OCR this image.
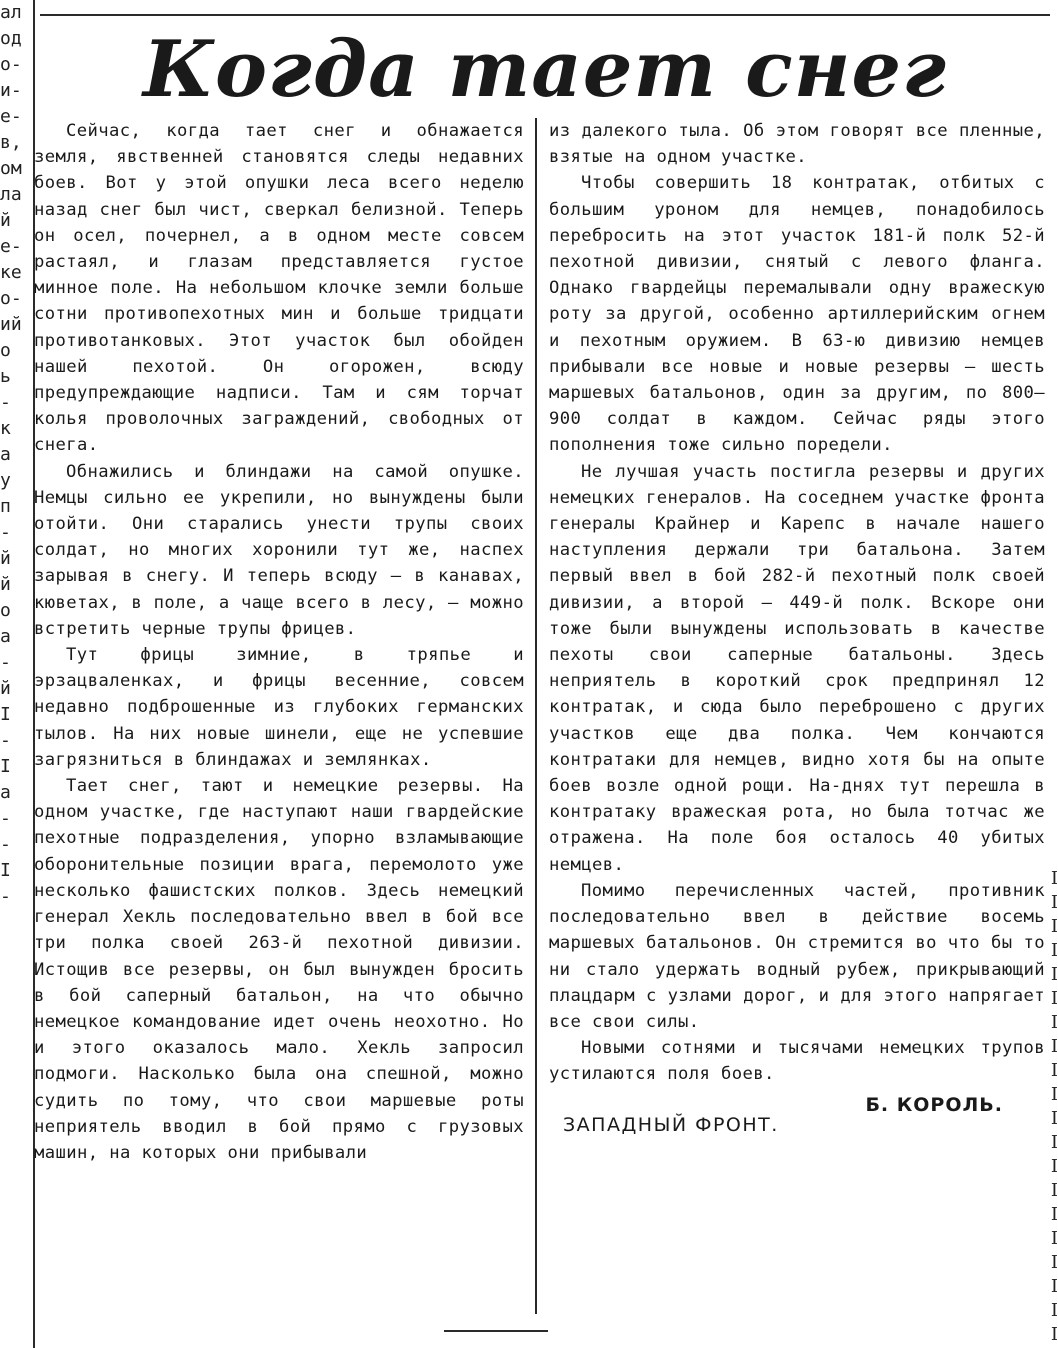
ал
од
о-
и-
е-
в,
ом
ла
й
е-
ке
о-
ий
о
ь
-
к
а
у
п
-
й
й
о
а
-
й
I
-
I
а
-
-
I
-
I
I
I
I
I
I
I
I
I
I
I
I
I
I
I
I
I
I
I
I
Когда тает снег

Сейчас, когда тает снег и обнажается земля, явственней становятся следы недавних боев. Вот у этой опушки леса всего неделю назад снег был чист, сверкал белизной. Теперь он осел, почернел, а в одном месте совсем растаял, и глазам представляется густое минное поле. На небольшом клочке земли больше сотни противопехотных мин и больше тридцати противотанковых. Этот участок был обойден нашей пехотой. Он огорожен, всюду предупреждающие надписи. Там и сям торчат колья проволочных заграждений, свободных от снега.

Обнажились и блиндажи на самой опушке. Немцы сильно ее укрепили, но вынуждены были отойти. Они старались унести трупы своих солдат, но многих хоронили тут же, наспех зарывая в снегу. И теперь всюду — в канавах, кюветах, в поле, а чаще всего в лесу, — можно встретить черные трупы фрицев.

Тут фрицы зимние, в тряпье и эрзацваленках, и фрицы весенние, совсем недавно подброшенные из глубоких германских тылов. На них новые шинели, еще не успевшие загрязниться в блиндажах и землянках.

Тает снег, тают и немецкие резервы. На одном участке, где наступают наши гвардейские пехотные подразделения, упорно взламывающие оборонительные позиции врага, перемолото уже несколько фашистских полков. Здесь немецкий генерал Хекль последовательно ввел в бой все три полка своей 263-й пехотной дивизии. Истощив все резервы, он был вынужден бросить в бой саперный батальон, на что обычно немецкое командование идет очень неохотно. Но и этого оказалось мало. Хекль запросил подмоги. Насколько была она спешной, можно судить по тому, что свои маршевые роты неприятель вводил в бой прямо с грузовых машин, на которых они прибывали

из далекого тыла. Об этом говорят все пленные, взятые на одном участке.

Чтобы совершить 18 контратак, отбитых с большим уроном для немцев, понадобилось перебросить на этот участок 181-й полк 52-й пехотной дивизии, снятый с левого фланга. Однако гвардейцы перемалывали одну вражескую роту за другой, особенно артиллерийским огнем и пехотным оружием. В 63-ю дивизию немцев прибывали все новые и новые резервы — шесть маршевых батальонов, один за другим, по 800—900 солдат в каждом. Сейчас ряды этого пополнения тоже сильно поредели.

Не лучшая участь постигла резервы и других немецких генералов. На соседнем участке фронта генералы Крайнер и Карепс в начале нашего наступления держали три батальона. Затем первый ввел в бой 282-й пехотный полк своей дивизии, а второй — 449-й полк. Вскоре они тоже были вынуждены использовать в качестве пехоты свои саперные батальоны. Здесь неприятель в короткий срок предпринял 12 контратак, и сюда было переброшено с других участков еще два полка. Чем кончаются контратаки для немцев, видно хотя бы на опыте боев возле одной рощи. На-днях тут перешла в контратаку вражеская рота, но была тотчас же отражена. На поле боя осталось 40 убитых немцев.

Помимо перечисленных частей, противник последовательно ввел в действие восемь маршевых батальонов. Он стремится во что бы то ни стало удержать водный рубеж, прикрывающий плацдарм с узлами дорог, и для этого напрягает все свои силы.

Новыми сотнями и тысячами немецких трупов устилаются поля боев.

Б. КОРОЛЬ.
ЗАПАДНЫЙ ФРОНТ.
